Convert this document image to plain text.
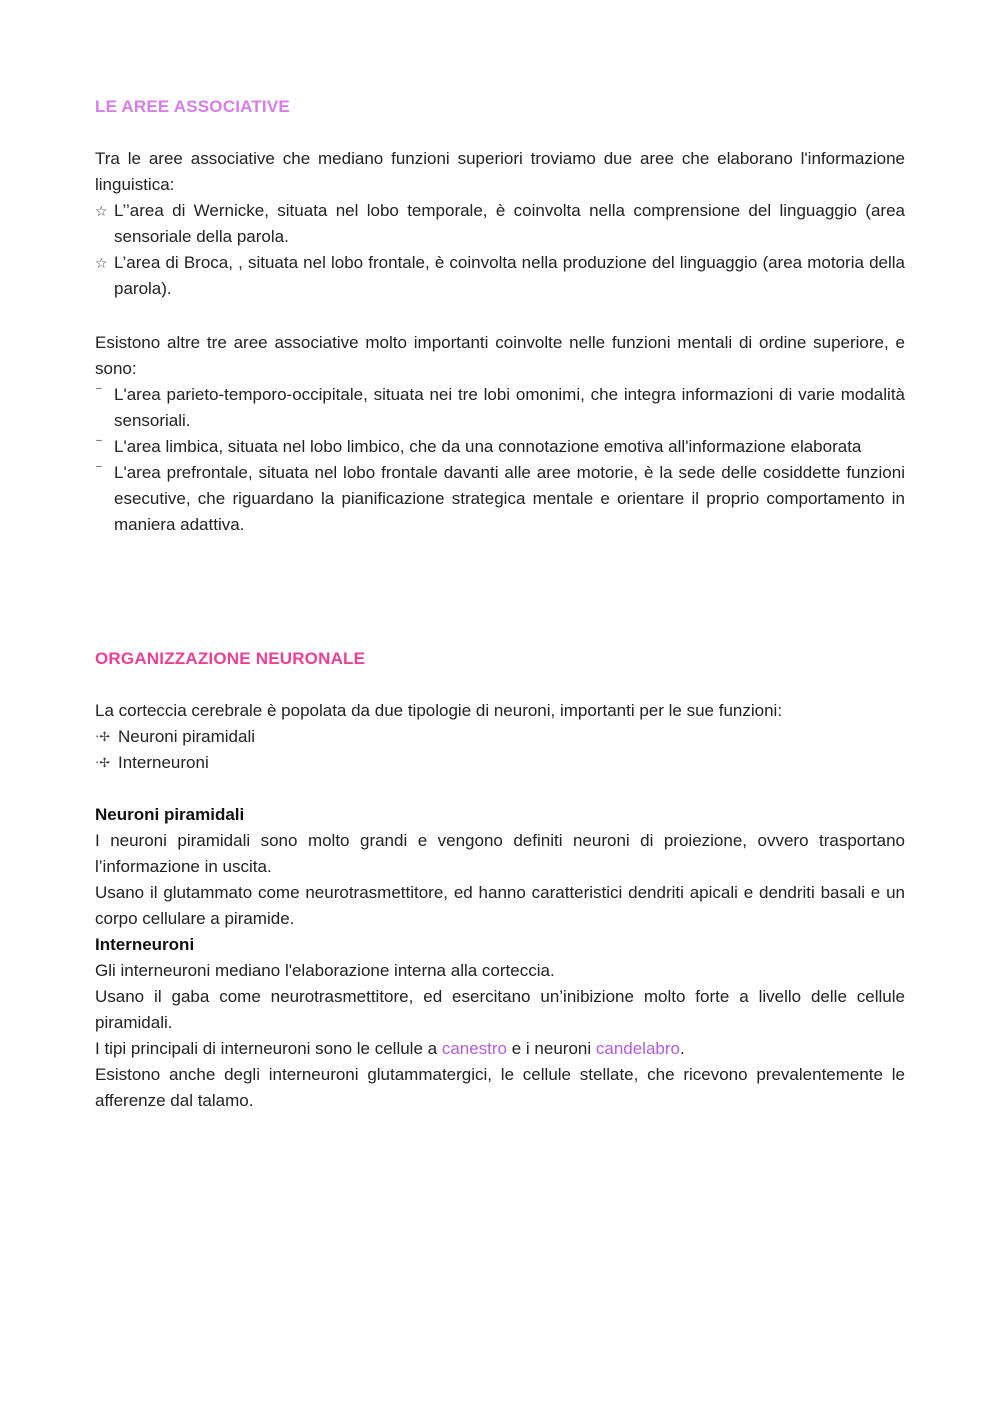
LE AREE ASSOCIATIVE

Tra le aree associative che mediano funzioni superiori troviamo due aree che elaborano l'informazione linguistica:

☆ L’’area di Wernicke, situata nel lobo temporale, è coinvolta nella comprensione del linguaggio (area sensoriale della parola.
☆ L’area di Broca, , situata nel lobo frontale, è coinvolta nella produzione del linguaggio (area motoria della parola).

Esistono altre tre aree associative molto importanti coinvolte nelle funzioni mentali di ordine superiore, e sono:

⁻ L'area parieto-temporo-occipitale, situata nei tre lobi omonimi, che integra informazioni di varie modalità sensoriali.
⁻ L'area limbica, situata nel lobo limbico, che da una connotazione emotiva all'informazione elaborata
⁻ L'area prefrontale, situata nel lobo frontale davanti alle aree motorie, è la sede delle cosiddette funzioni esecutive, che riguardano la pianificazione strategica mentale e orientare il proprio comportamento in maniera adattiva.
ORGANIZZAZIONE NEURONALE

La corteccia cerebrale è popolata da due tipologie di neuroni, importanti per le sue funzioni:

⋅✢ Neuroni piramidali
⋅✢ Interneuroni

Neuroni piramidali

I neuroni piramidali sono molto grandi e vengono definiti neuroni di proiezione, ovvero trasportano l’informazione in uscita.

Usano il glutammato come neurotrasmettitore, ed hanno caratteristici dendriti apicali e dendriti basali e un corpo cellulare a piramide.

Interneuroni

Gli interneuroni mediano l'elaborazione interna alla corteccia.

Usano il gaba come neurotrasmettitore, ed esercitano un’inibizione molto forte a livello delle cellule piramidali.

I tipi principali di interneuroni sono le cellule a canestro e i neuroni candelabro.

Esistono anche degli interneuroni glutammatergici, le cellule stellate, che ricevono prevalentemente le afferenze dal talamo.
